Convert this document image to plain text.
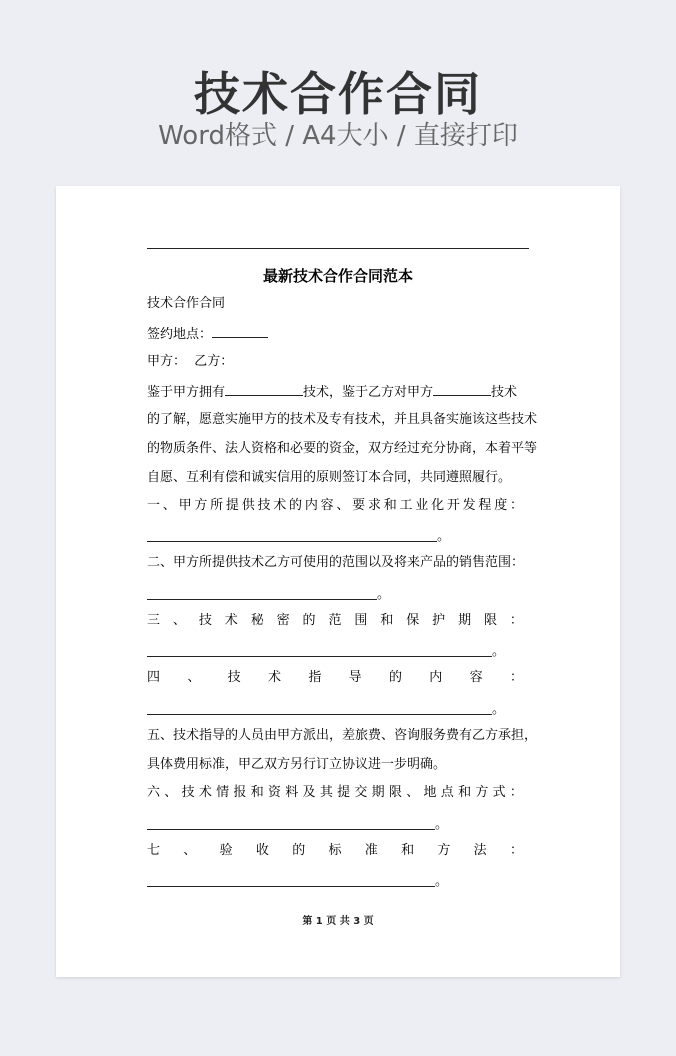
技术合作合同
Word格式 / A4大小 / 直接打印
最新技术合作合同范本
技术合作合同
签约地点：
甲方： 乙方：
鉴于甲方拥有	技术，鉴于乙方对甲方	技术
的了解，愿意实施甲方的技术及专有技术，并且具备实施该这些技术
的物质条件、法人资格和必要的资金，双方经过充分协商，本着平等
自愿、互利有偿和诚实信用的原则签订本合同，共同遵照履行。
一 、 甲 方 所 提 供 技 术 的 内 容 、 要 求 和 工 业 化 开 发 程 度 ：
。
二、甲方所提供技术乙方可使用的范围以及将来产品的销售范围：
。
三 、 技 术 秘 密 的 范 围 和 保 护 期 限 ：
。
四 、 技 术 指 导 的 内 容 ：
。
五、技术指导的人员由甲方派出，差旅费、咨询服务费有乙方承担，
具体费用标准，甲乙双方另行订立协议进一步明确。
六 、 技 术 情 报 和 资 料 及 其 提 交 期 限 、 地 点 和 方 式 ：
。
七 、 验 收 的 标 准 和 方 法 ：
。
第 1 页 共 3 页
